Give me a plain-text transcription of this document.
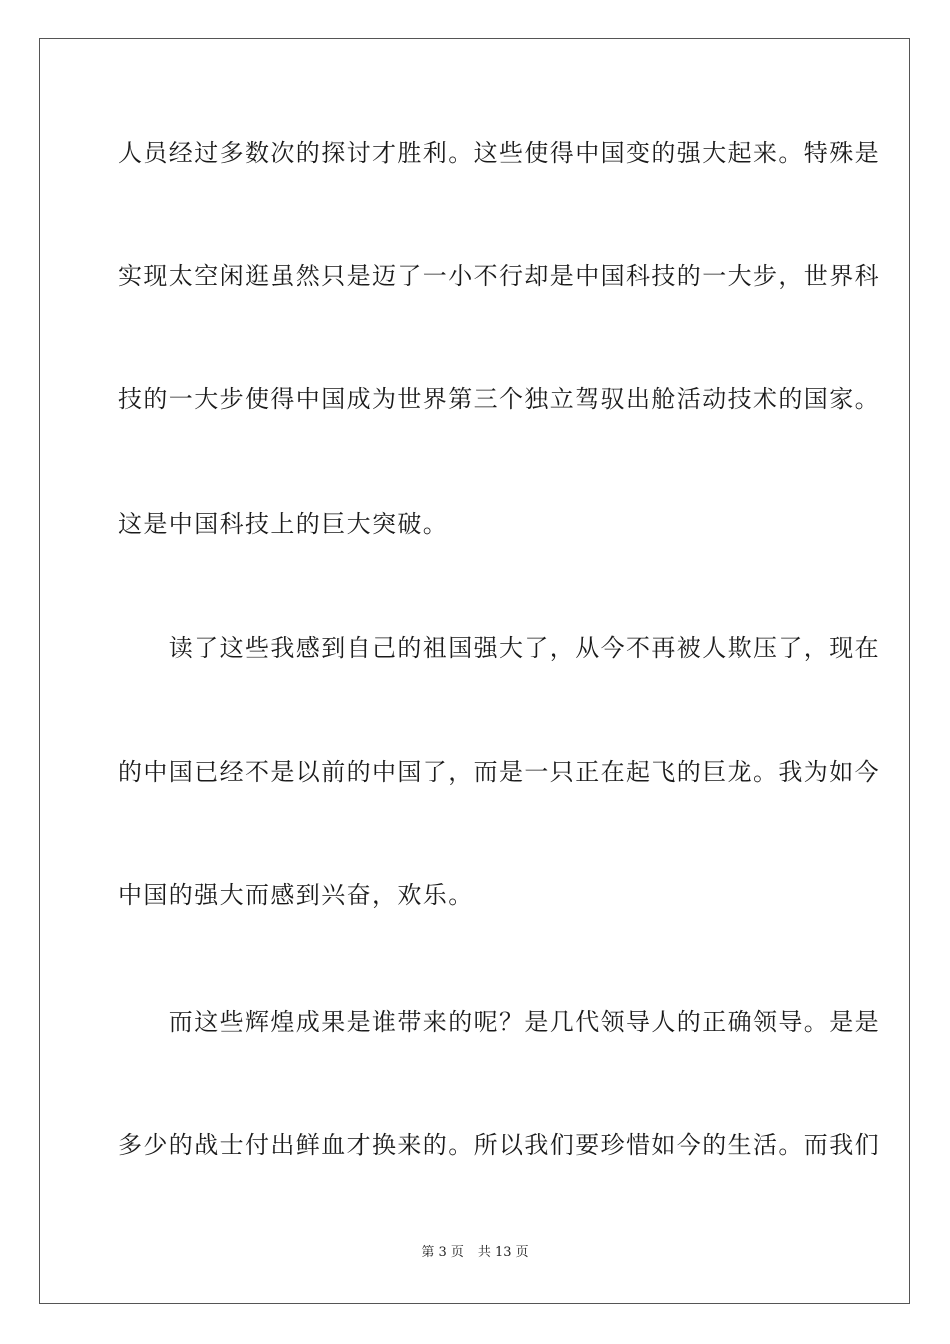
人员经过多数次的探讨才胜利。这些使得中国变的强大起来。特殊是
实现太空闲逛虽然只是迈了一小不行却是中国科技的一大步，世界科
技的一大步使得中国成为世界第三个独立驾驭出舱活动技术的国家。
这是中国科技上的巨大突破。
　　读了这些我感到自己的祖国强大了，从今不再被人欺压了，现在
的中国已经不是以前的中国了，而是一只正在起飞的巨龙。我为如今
中国的强大而感到兴奋，欢乐。
　　而这些辉煌成果是谁带来的呢？是几代领导人的正确领导。是是
多少的战士付出鲜血才换来的。所以我们要珍惜如今的生活。而我们
第 3 页 共 13 页
